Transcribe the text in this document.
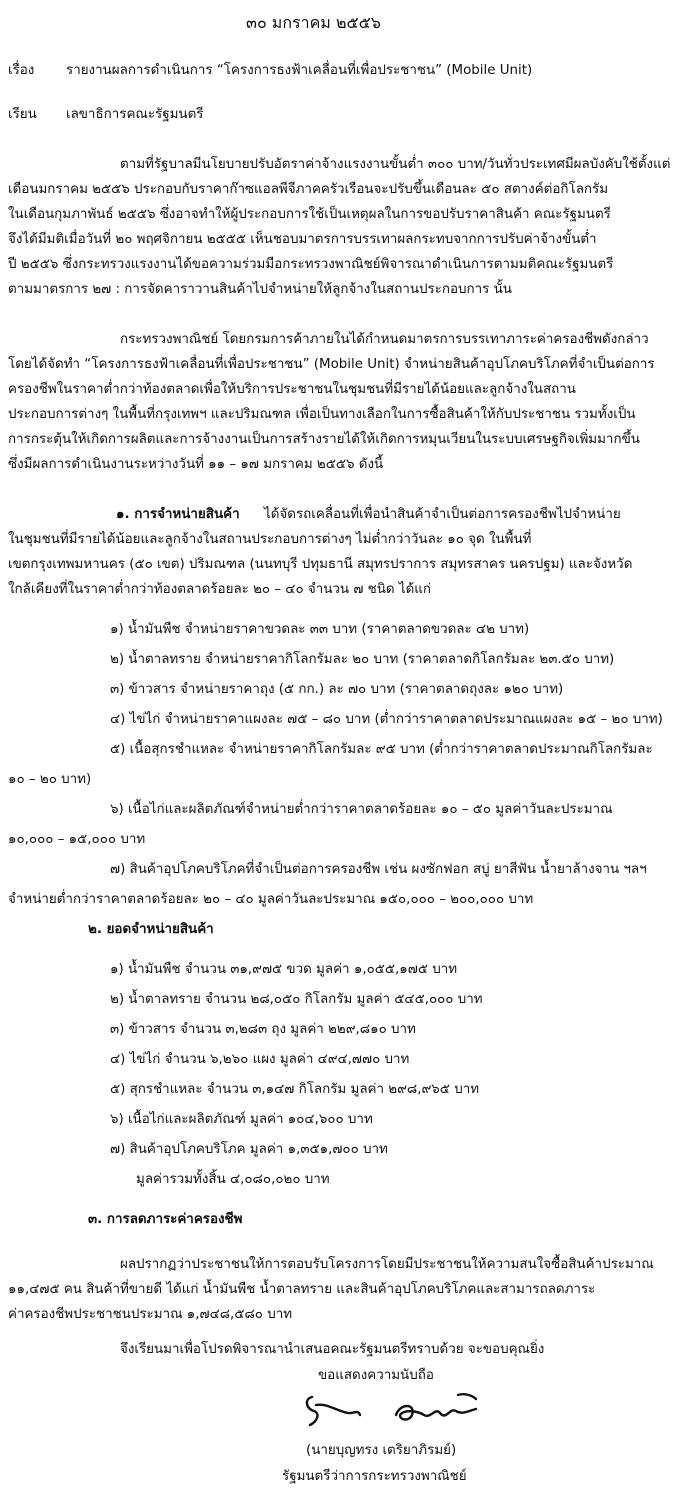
๓๐ มกราคม ๒๕๕๖

เรื่อง รายงานผลการดำเนินการ “โครงการธงฟ้าเคลื่อนที่เพื่อประชาชน” (Mobile Unit)

เรียน เลขาธิการคณะรัฐมนตรี

ตามที่รัฐบาลมีนโยบายปรับอัตราค่าจ้างแรงงานขั้นต่ำ ๓๐๐ บาท/วันทั่วประเทศมีผลบังคับใช้ตั้งแต่

เดือนมกราคม ๒๕๕๖ ประกอบกับราคาก๊าซแอลพีจีภาคครัวเรือนจะปรับขึ้นเดือนละ ๕๐ สตางค์ต่อกิโลกรัม

ในเดือนกุมภาพันธ์ ๒๕๕๖ ซึ่งอาจทำให้ผู้ประกอบการใช้เป็นเหตุผลในการขอปรับราคาสินค้า คณะรัฐมนตรี

จึงได้มีมติเมื่อวันที่ ๒๐ พฤศจิกายน ๒๕๕๕ เห็นชอบมาตรการบรรเทาผลกระทบจากการปรับค่าจ้างขั้นต่ำ

ปี ๒๕๕๖ ซึ่งกระทรวงแรงงานได้ขอความร่วมมือกระทรวงพาณิชย์พิจารณาดำเนินการตามมติคณะรัฐมนตรี

ตามมาตรการ ๒๗ : การจัดคาราวานสินค้าไปจำหน่ายให้ลูกจ้างในสถานประกอบการ นั้น

กระทรวงพาณิชย์ โดยกรมการค้าภายในได้กำหนดมาตรการบรรเทาภาระค่าครองชีพดังกล่าว

โดยได้จัดทำ “โครงการธงฟ้าเคลื่อนที่เพื่อประชาชน” (Mobile Unit) จำหน่ายสินค้าอุปโภคบริโภคที่จำเป็นต่อการ

ครองชีพในราคาต่ำกว่าท้องตลาดเพื่อให้บริการประชาชนในชุมชนที่มีรายได้น้อยและลูกจ้างในสถาน

ประกอบการต่างๆ ในพื้นที่กรุงเทพฯ และปริมณฑล เพื่อเป็นทางเลือกในการซื้อสินค้าให้กับประชาชน รวมทั้งเป็น

การกระตุ้นให้เกิดการผลิตและการจ้างงานเป็นการสร้างรายได้ให้เกิดการหมุนเวียนในระบบเศรษฐกิจเพิ่มมากขึ้น

ซึ่งมีผลการดำเนินงานระหว่างวันที่ ๑๑ – ๑๗ มกราคม ๒๕๕๖ ดังนี้

๑. การจำหน่ายสินค้า ได้จัดรถเคลื่อนที่เพื่อนำสินค้าจำเป็นต่อการครองชีพไปจำหน่าย

ในชุมชนที่มีรายได้น้อยและลูกจ้างในสถานประกอบการต่างๆ ไม่ต่ำกว่าวันละ ๑๐ จุด ในพื้นที่

เขตกรุงเทพมหานคร (๕๐ เขต) ปริมณฑล (นนทบุรี ปทุมธานี สมุทรปราการ สมุทรสาคร นครปฐม) และจังหวัด

ใกล้เคียงที่ในราคาต่ำกว่าท้องตลาดร้อยละ ๒๐ – ๔๐ จำนวน ๗ ชนิด ได้แก่

๑) น้ำมันพืช จำหน่ายราคาขวดละ ๓๓ บาท (ราคาตลาดขวดละ ๔๒ บาท)

๒) น้ำตาลทราย จำหน่ายราคากิโลกรัมละ ๒๐ บาท (ราคาตลาดกิโลกรัมละ ๒๓.๕๐ บาท)

๓) ข้าวสาร จำหน่ายราคาถุง (๕ กก.) ละ ๗๐ บาท (ราคาตลาดถุงละ ๑๒๐ บาท)

๔) ไข่ไก่ จำหน่ายราคาแผงละ ๗๕ – ๘๐ บาท (ต่ำกว่าราคาตลาดประมาณแผงละ ๑๕ – ๒๐ บาท)

๕) เนื้อสุกรชำแหละ จำหน่ายราคากิโลกรัมละ ๙๕ บาท (ต่ำกว่าราคาตลาดประมาณกิโลกรัมละ

๑๐ – ๒๐ บาท)

๖) เนื้อไก่และผลิตภัณฑ์จำหน่ายต่ำกว่าราคาตลาดร้อยละ ๑๐ – ๕๐ มูลค่าวันละประมาณ

๑๐,๐๐๐ – ๑๕,๐๐๐ บาท

๗) สินค้าอุปโภคบริโภคที่จำเป็นต่อการครองชีพ เช่น ผงซักฟอก สบู่ ยาสีฟัน น้ำยาล้างจาน ฯลฯ

จำหน่ายต่ำกว่าราคาตลาดร้อยละ ๒๐ – ๔๐ มูลค่าวันละประมาณ ๑๕๐,๐๐๐ – ๒๐๐,๐๐๐ บาท

๒. ยอดจำหน่ายสินค้า

๑) น้ำมันพืช จำนวน ๓๑,๙๗๕ ขวด มูลค่า ๑,๐๕๕,๑๗๕ บาท

๒) น้ำตาลทราย จำนวน ๒๘,๐๕๐ กิโลกรัม มูลค่า ๕๔๕,๐๐๐ บาท

๓) ข้าวสาร จำนวน ๓,๒๘๓ ถุง มูลค่า ๒๒๙,๘๑๐ บาท

๔) ไข่ไก่ จำนวน ๖,๒๖๐ แผง มูลค่า ๔๙๔,๗๗๐ บาท

๕) สุกรชำแหละ จำนวน ๓,๑๔๗ กิโลกรัม มูลค่า ๒๙๘,๙๖๕ บาท

๖) เนื้อไก่และผลิตภัณฑ์ มูลค่า ๑๐๔,๖๐๐ บาท

๗) สินค้าอุปโภคบริโภค มูลค่า ๑,๓๕๑,๗๐๐ บาท

มูลค่ารวมทั้งสิ้น ๔,๐๘๐,๐๒๐ บาท

๓. การลดภาระค่าครองชีพ

ผลปรากฏว่าประชาชนให้การตอบรับโครงการโดยมีประชาชนให้ความสนใจซื้อสินค้าประมาณ

๑๑,๔๗๕ คน สินค้าที่ขายดี ได้แก่ น้ำมันพืช น้ำตาลทราย และสินค้าอุปโภคบริโภคและสามารถลดภาระ

ค่าครองชีพประชาชนประมาณ ๑,๗๔๘,๕๘๐ บาท

จึงเรียนมาเพื่อโปรดพิจารณานำเสนอคณะรัฐมนตรีทราบด้วย จะขอบคุณยิ่ง

ขอแสดงความนับถือ

(นายบุญทรง เตริยาภิรมย์)

รัฐมนตรีว่าการกระทรวงพาณิชย์
